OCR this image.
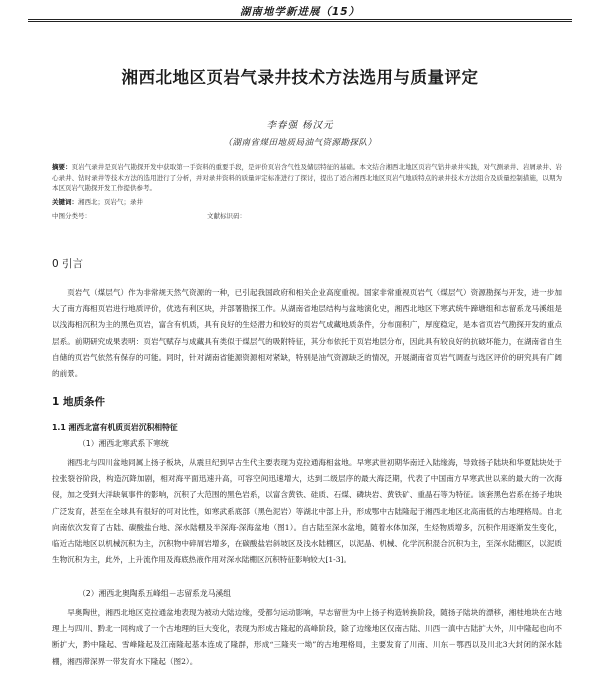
湖南地学新进展（15）
湘西北地区页岩气录井技术方法选用与质量评定
李春强 杨汉元
（湖南省煤田地质局油气资源勘探队）
摘要：页岩气录井是页岩气勘探开发中获取第一手资料的重要手段，是评价页岩含气性及储层特征的基础。本文结合湘西北地区页岩气钻井录井实践，对气测录井、岩屑录井、岩心录井、钻时录井等技术方法的选用进行了分析，并对录井资料的质量评定标准进行了探讨，提出了适合湘西北地区页岩气地质特点的录井技术方法组合及质量控制措施，以期为本区页岩气勘探开发工作提供参考。
关键词：湘西北；页岩气；录井
中图分类号：	文献标识码：
0 引言

页岩气（煤层气）作为非常规天然气资源的一种，已引起我国政府和相关企业高度重视。国家非常重视页岩气（煤层气）资源勘探与开发，进一步加大了南方海相页岩进行地质评价，优选有利区块，并部署勘探工作。从湖南省地层结构与盆地演化史，湘西北地区下寒武统牛蹄塘组和志留系龙马溪组是以浅海相沉积为主的黑色页岩，富含有机质，具有良好的生烃潜力和较好的页岩气成藏地质条件，分布面积广，厚度稳定，是本省页岩气勘探开发的重点层系。前期研究成果表明：页岩气赋存与成藏具有类似于煤层气的吸附特征，其分布依托于页岩地层分布，因此具有较良好的抗破坏能力，在湖南省自生自储的页岩气依然有保存的可能。同时，针对湖南省能源资源相对紧缺，特别是油气资源缺乏的情况，开展湖南省页岩气调查与选区评价的研究具有广阔的前景。

1 地质条件
1.1 湘西北富有机质页岩沉积相特征
（1）湘西北寒武系下寒统

湘西北与四川盆地同属上扬子板块，从震旦纪到早古生代主要表现为克拉通海相盆地。早寒武世初期华南迁入陆缘海，导致扬子陆块和华夏陆块处于拉张裂谷阶段，构造沉降加剧，相对海平面迅速升高，可容空间迅速增大，达到二级层序的最大海泛期，代表了中国南方早寒武世以来的最大的一次海侵，加之受到大洋缺氧事件的影响，沉积了大范围的黑色岩系，以富含黄铁、硅质、石煤、磷块岩、黄铁矿、重晶石等为特征。该套黑色岩系在扬子地块广泛发育，甚至在全球具有很好的可对比性，如寒武系底部（黑色泥岩）等湖北中部上升，形成鄂中古陆隆起于湘西北地区北高南低的古地理格局。自北向南依次发育了古陆、碳酸盐台地、深水陆棚及半深海-深海盆地（图1）。自古陆至深水盆地，随着水体加深，生烃物质增多，沉积作用逐渐发生变化，临近古陆地区以机械沉积为主，沉积物中碎屑岩增多，在碳酸盐岩斜坡区及浅水陆棚区，以泥晶、机械、化学沉积混合沉积为主，至深水陆棚区，以泥质生物沉积为主，此外，上升流作用及海底热液作用对深水陆棚区沉积特征影响较大[1-3]。

（2）湘西北奥陶系五峰组－志留系龙马溪组

早奥陶世，湘西北地区克拉通盆地表现为被动大陆边缘，受都匀运动影响，早志留世为中上扬子构造转换阶段，随扬子陆块的漂移，湘桂地块在古地理上与四川、黔北一同构成了一个古地理的巨大变化，表现为形成古隆起的高峰阶段，除了边缘地区仅南古陆、川西一滇中古陆扩大外，川中隆起也向不断扩大，黔中隆起、雪峰隆起及江南隆起基本连成了隆群，形成“三隆夹一坳”的古地理格局，主要发育了川南、川东－鄂西以及川北3大封闭的深水陆棚，湘西滞深界一带发育水下隆起（图2）。
